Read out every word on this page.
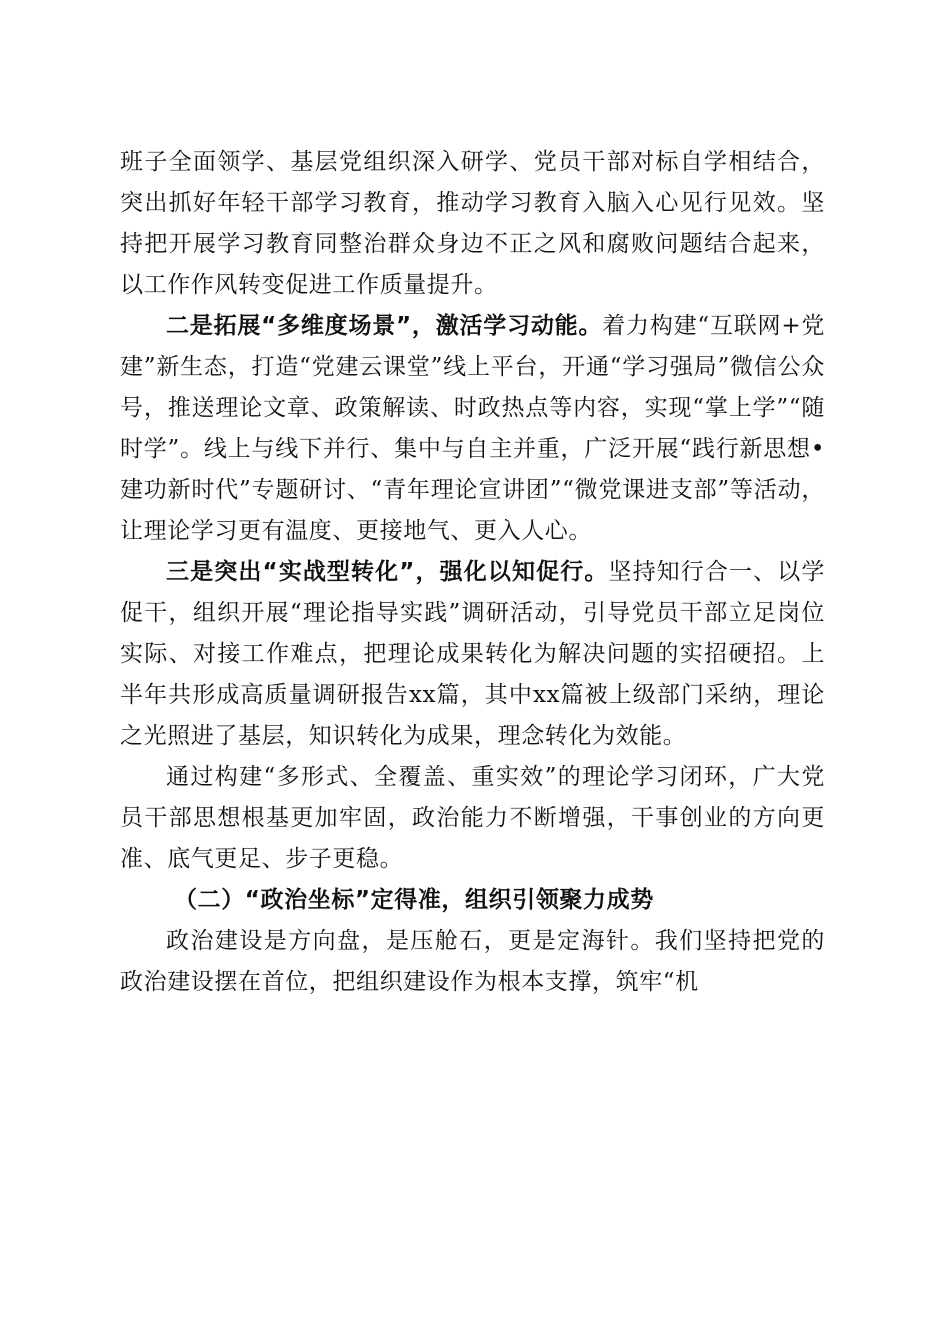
班子全面领学、基层党组织深入研学、党员干部对标自学相结合，突出抓好年轻干部学习教育，推动学习教育入脑入心见行见效。坚持把开展学习教育同整治群众身边不正之风和腐败问题结合起来，以工作作风转变促进工作质量提升。

二是拓展“多维度场景”，激活学习动能。着力构建“互联网+党建”新生态，打造“党建云课堂”线上平台，开通“学习强局”微信公众号，推送理论文章、政策解读、时政热点等内容，实现“掌上学”“随时学”。线上与线下并行、集中与自主并重，广泛开展“践行新思想•建功新时代”专题研讨、“青年理论宣讲团”“微党课进支部”等活动，让理论学习更有温度、更接地气、更入人心。

三是突出“实战型转化”，强化以知促行。坚持知行合一、以学促干，组织开展“理论指导实践”调研活动，引导党员干部立足岗位实际、对接工作难点，把理论成果转化为解决问题的实招硬招。上半年共形成高质量调研报告xx篇，其中xx篇被上级部门采纳，理论之光照进了基层，知识转化为成果，理念转化为效能。

通过构建“多形式、全覆盖、重实效”的理论学习闭环，广大党员干部思想根基更加牢固，政治能力不断增强，干事创业的方向更准、底气更足、步子更稳。

（二）“政治坐标”定得准，组织引领聚力成势

政治建设是方向盘，是压舱石，更是定海针。我们坚持把党的政治建设摆在首位，把组织建设作为根本支撑，筑牢“机
